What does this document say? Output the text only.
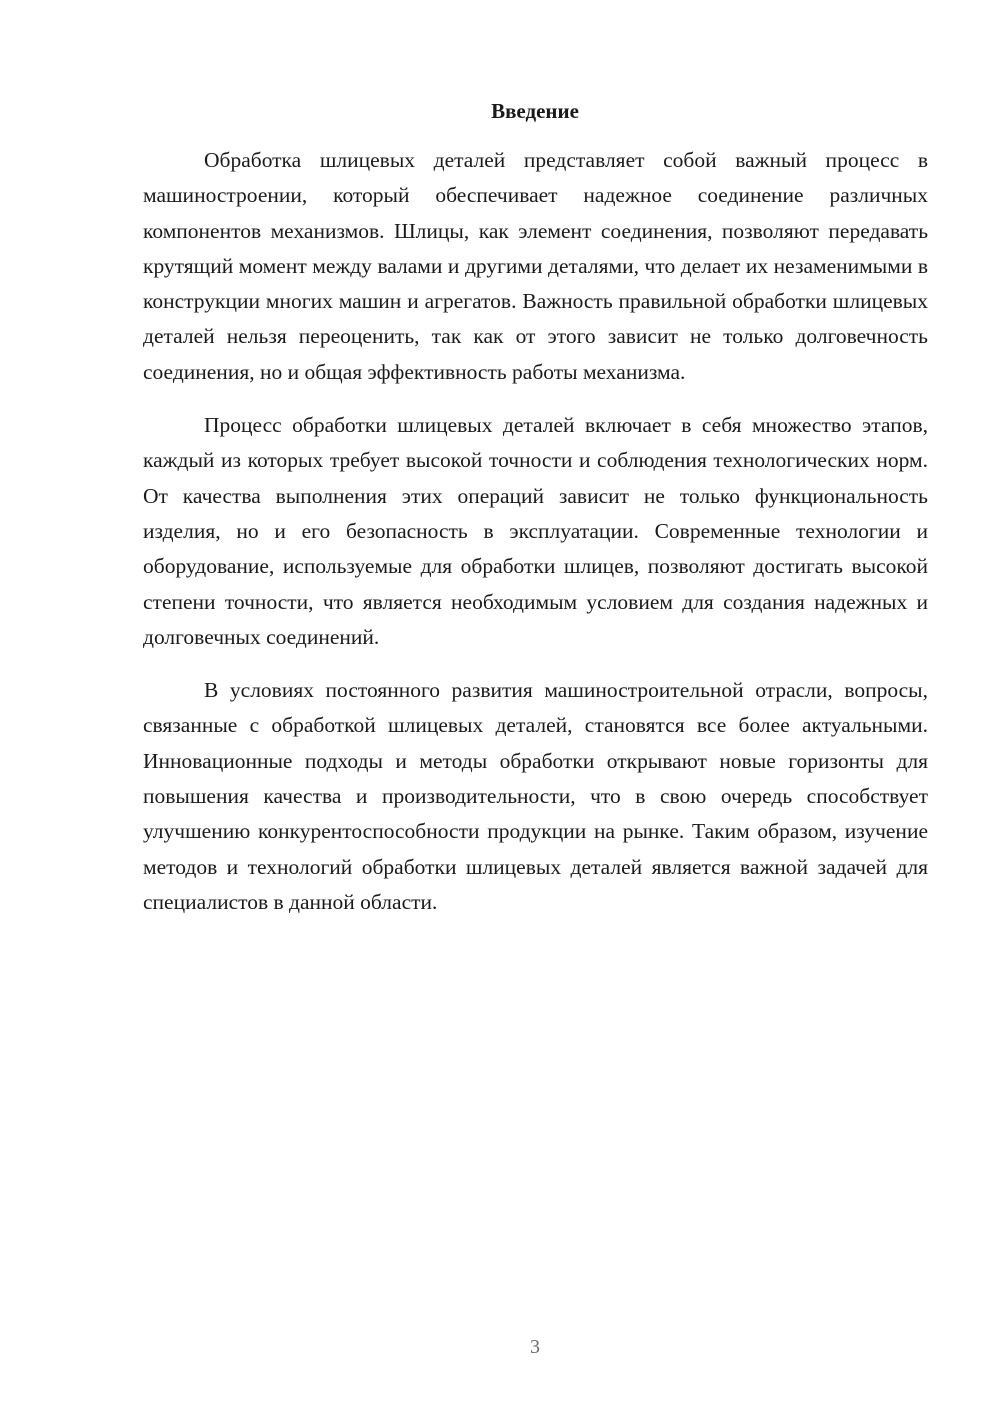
Введение

Обработка шлицевых деталей представляет собой важный процесс в машиностроении, который обеспечивает надежное соединение различных компонентов механизмов. Шлицы, как элемент соединения, позволяют передавать крутящий момент между валами и другими деталями, что делает их незаменимыми в конструкции многих машин и агрегатов. Важность правильной обработки шлицевых деталей нельзя переоценить, так как от этого зависит не только долговечность соединения, но и общая эффективность работы механизма.

Процесс обработки шлицевых деталей включает в себя множество этапов, каждый из которых требует высокой точности и соблюдения технологических норм. От качества выполнения этих операций зависит не только функциональность изделия, но и его безопасность в эксплуатации. Современные технологии и оборудование, используемые для обработки шлицев, позволяют достигать высокой степени точности, что является необходимым условием для создания надежных и долговечных соединений.

В условиях постоянного развития машиностроительной отрасли, вопросы, связанные с обработкой шлицевых деталей, становятся все более актуальными. Инновационные подходы и методы обработки открывают новые горизонты для повышения качества и производительности, что в свою очередь способствует улучшению конкурентоспособности продукции на рынке. Таким образом, изучение методов и технологий обработки шлицевых деталей является важной задачей для специалистов в данной области.

3
